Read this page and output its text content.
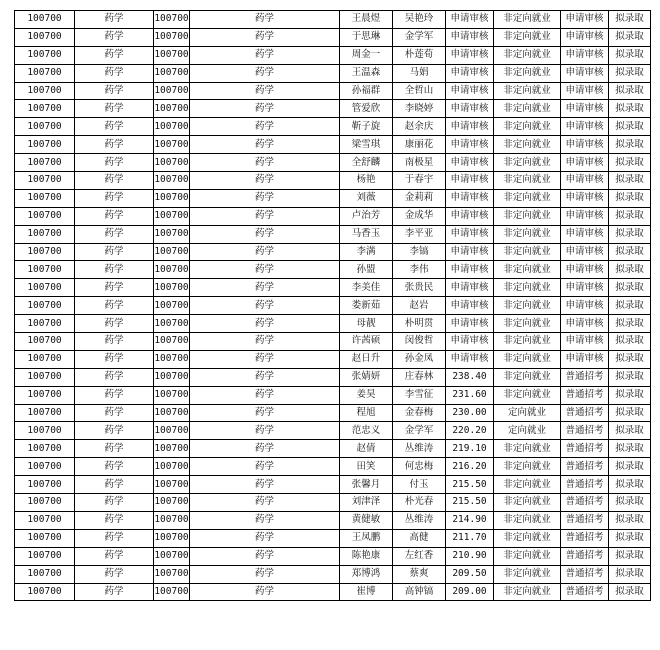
100700	药学	100700	药学	王晨煜	吴艳玲	申请审核	非定向就业	申请审核	拟录取
100700	药学	100700	药学	于思琳	金学军	申请审核	非定向就业	申请审核	拟录取
100700	药学	100700	药学	周金一	朴莲荀	申请审核	非定向就业	申请审核	拟录取
100700	药学	100700	药学	王温森	马娟	申请审核	非定向就业	申请审核	拟录取
100700	药学	100700	药学	孙福群	全哲山	申请审核	非定向就业	申请审核	拟录取
100700	药学	100700	药学	管爱欣	李晓婷	申请审核	非定向就业	申请审核	拟录取
100700	药学	100700	药学	靳子旋	赵余庆	申请审核	非定向就业	申请审核	拟录取
100700	药学	100700	药学	梁雪琪	康丽花	申请审核	非定向就业	申请审核	拟录取
100700	药学	100700	药学	全舒麟	南极星	申请审核	非定向就业	申请审核	拟录取
100700	药学	100700	药学	杨艳	于春宇	申请审核	非定向就业	申请审核	拟录取
100700	药学	100700	药学	刘薇	金莉莉	申请审核	非定向就业	申请审核	拟录取
100700	药学	100700	药学	卢治芳	金成华	申请审核	非定向就业	申请审核	拟录取
100700	药学	100700	药学	马香玉	李平亚	申请审核	非定向就业	申请审核	拟录取
100700	药学	100700	药学	李满	李镐	申请审核	非定向就业	申请审核	拟录取
100700	药学	100700	药学	孙盟	李伟	申请审核	非定向就业	申请审核	拟录取
100700	药学	100700	药学	李美佳	张贵民	申请审核	非定向就业	申请审核	拟录取
100700	药学	100700	药学	娄新茹	赵岩	申请审核	非定向就业	申请审核	拟录取
100700	药学	100700	药学	母靓	朴明贯	申请审核	非定向就业	申请审核	拟录取
100700	药学	100700	药学	许茜硕	闵俊哲	申请审核	非定向就业	申请审核	拟录取
100700	药学	100700	药学	赵日升	孙金凤	申请审核	非定向就业	申请审核	拟录取
100700	药学	100700	药学	张婧妍	庄春林	238.40	非定向就业	普通招考	拟录取
100700	药学	100700	药学	姜昊	李雪征	231.60	非定向就业	普通招考	拟录取
100700	药学	100700	药学	程旭	金春梅	230.00	定向就业	普通招考	拟录取
100700	药学	100700	药学	范忠义	金学军	220.20	定向就业	普通招考	拟录取
100700	药学	100700	药学	赵倩	丛维涛	219.10	非定向就业	普通招考	拟录取
100700	药学	100700	药学	田笑	何忠梅	216.20	非定向就业	普通招考	拟录取
100700	药学	100700	药学	张馨月	付玉	215.50	非定向就业	普通招考	拟录取
100700	药学	100700	药学	刘津泽	朴光春	215.50	非定向就业	普通招考	拟录取
100700	药学	100700	药学	黄健敏	丛维涛	214.90	非定向就业	普通招考	拟录取
100700	药学	100700	药学	王凤鹏	高健	211.70	非定向就业	普通招考	拟录取
100700	药学	100700	药学	陈艳康	左红香	210.90	非定向就业	普通招考	拟录取
100700	药学	100700	药学	郑博鸿	蔡爽	209.50	非定向就业	普通招考	拟录取
100700	药学	100700	药学	崔博	高钟镐	209.00	非定向就业	普通招考	拟录取
